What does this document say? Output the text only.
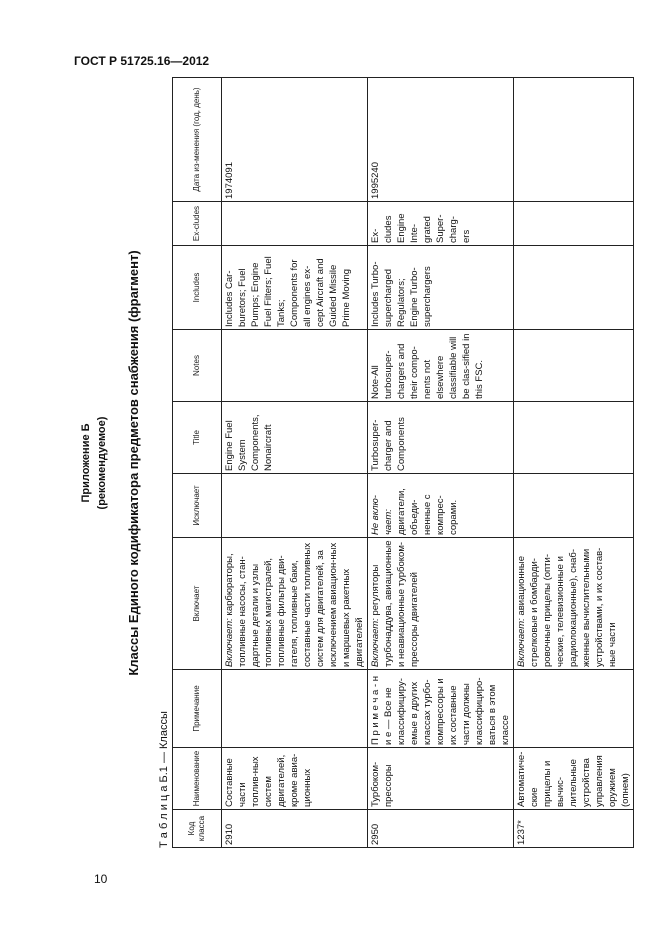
ГОСТ Р 51725.16—2012
Приложение Б (рекомендуемое) Классы Единого кодификатора предметов снабжения (фрагмент)
Т а б л и ц а Б.1 — Классы Код класса	Наименование	Примечание	Включает	Исключает	Title	Notes	Includes	Ex-cludes	Дата из-менения (год, день)
2910	Составные части топлив-ных систем двигателей, кроме авиа-ционных		Включает: карбюраторы, топливные насосы, стан-дартные детали и узлы топливных магистралей, топливные фильтры дви-гателя, топливные баки, составные части топливных систем для двигателей, за исключением авиацион-ных и маршевых ракетных двигателей		Engine Fuel System Components, Nonaircraft		Includes Car-buretors; Fuel Pumps; Engine Fuel Filters; Fuel Tanks; Components for all engines ex-cept Aircraft and Guided Missile Prime Moving		1974091
2950	Турбоком-прессоры	П р и м е ч а - н и е — Все не классифициру-емые в других классах турбо-компрессоры и их составные части должны классифициро-ваться в этом классе	Включает: регуляторы турбонаддува, авиационные и неавиационные турбоком-прессоры двигателей	Не вклю-чает: двигатели, объеди-ненные с компрес-сорами.	Turbosuper-charger and Components	Note-All turbosuper-chargers and their compo-nents not elsewhere classifiable will be clas-sified in this FSC.	Includes Turbo-supercharged Regulators; Engine Turbo-superchargers	Ex-cludes Engine Inte-grated Super-charg-ers	1995240
1237*	Автоматиче-ские прицелы и вычис-лительные устройства управления оружием (опнем)		Включает: авиационные стрелковые и бомбарди-ровочные прицелы (опти-ческие, телевизионные и радиолокационные), снаб-женные вычислительными устройствами, и их состав-ные части						
10
